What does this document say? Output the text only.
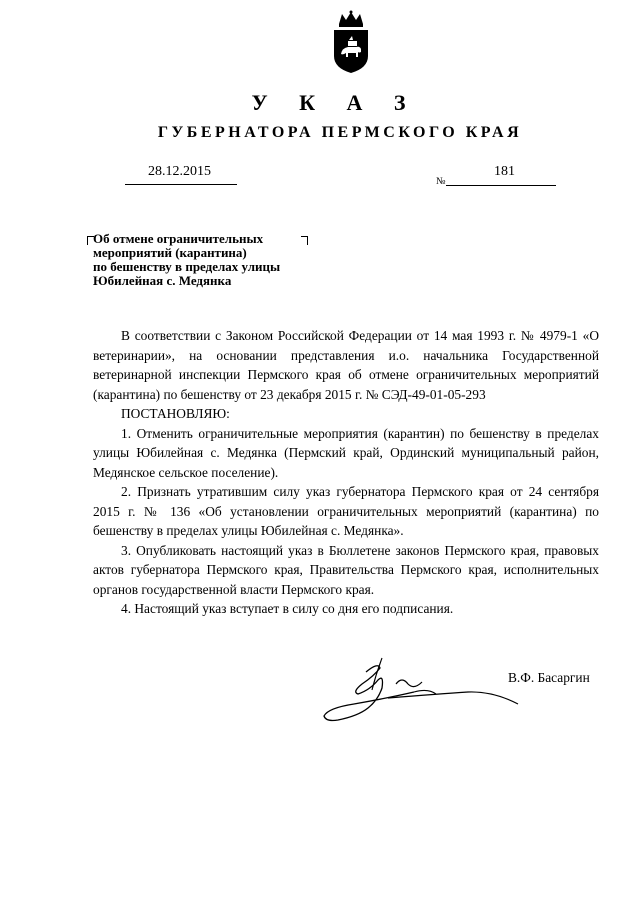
У К А З
ГУБЕРНАТОРА ПЕРМСКОГО КРАЯ
28.12.2015
№
181
Об отмене ограничительных
мероприятий (карантина)
по бешенству в пределах улицы
Юбилейная с. Медянка

В соответствии с Законом Российской Федерации от 14 мая 1993 г. № 4979-1 «О ветеринарии», на основании представления и.о. начальника Государственной ветеринарной инспекции Пермского края об отмене ограничительных мероприятий (карантина) по бешенству от 23 декабря 2015 г. № СЭД-49-01-05-293

ПОСТАНОВЛЯЮ:

1. Отменить ограничительные мероприятия (карантин) по бешенству в пределах улицы Юбилейная с. Медянка (Пермский край, Ординский муниципальный район, Медянское сельское поселение).

2. Признать утратившим силу указ губернатора Пермского края от 24 сентября 2015 г. № 136 «Об установлении ограничительных мероприятий (карантина) по бешенству в пределах улицы Юбилейная с. Медянка».

3. Опубликовать настоящий указ в Бюллетене законов Пермского края, правовых актов губернатора Пермского края, Правительства Пермского края, исполнительных органов государственной власти Пермского края.

4. Настоящий указ вступает в силу со дня его подписания.

В.Ф. Басаргин
